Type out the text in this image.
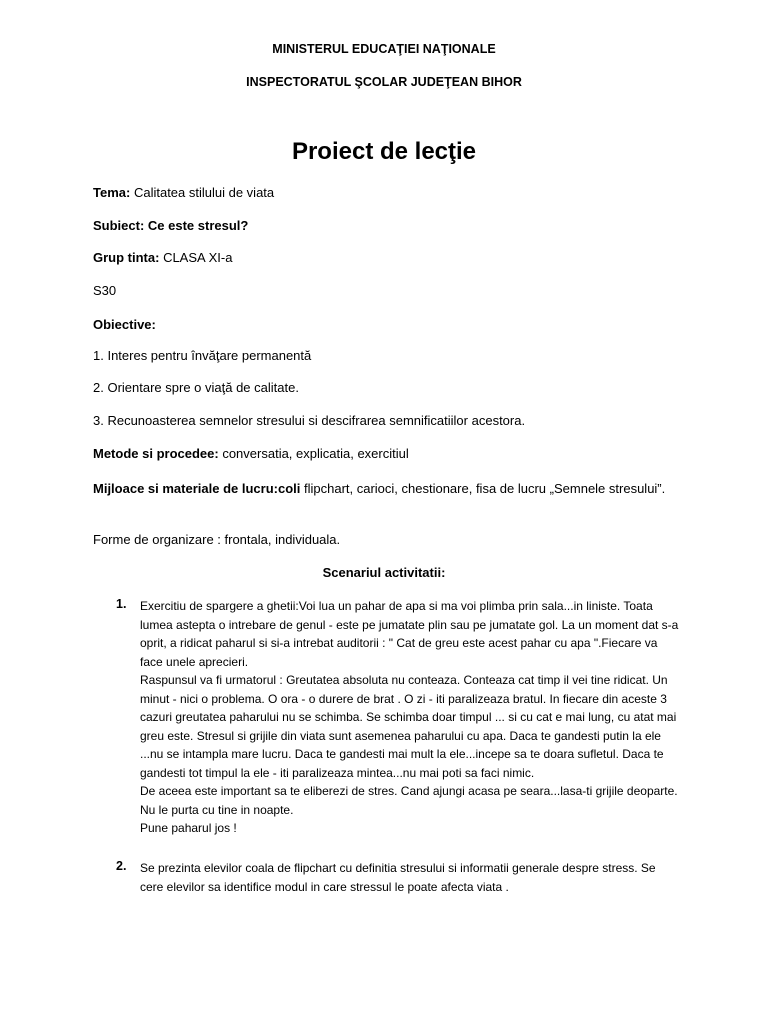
MINISTERUL EDUCAŢIEI NAŢIONALE
INSPECTORATUL ŞCOLAR JUDEŢEAN BIHOR
Proiect de lecţie
Tema: Calitatea stilului de viata
Subiect: Ce este stresul?
Grup tinta: CLASA XI-a
S30
Obiective:
1. Interes pentru învăţare permanentă
2. Orientare spre o viaţă de calitate.
3. Recunoasterea semnelor stresului si descifrarea semnificatiilor acestora.
Metode si procedee: conversatia, explicatia, exercitiul
Mijloace si materiale de lucru:coli flipchart, carioci, chestionare, fisa de lucru „Semnele stresului”.
Forme de organizare : frontala, individuala.
Scenariul activitatii:
1. Exercitiu de spargere a ghetii:Voi lua un pahar de apa si ma voi plimba prin sala...in liniste. Toata lumea astepta o intrebare de genul - este pe jumatate plin sau pe jumatate gol. La un moment dat s-a oprit, a ridicat paharul si si-a intrebat auditorii : " Cat de greu este acest pahar cu apa ".Fiecare va face unele aprecieri.

Raspunsul va fi urmatorul : Greutatea absoluta nu conteaza. Conteaza cat timp il vei tine ridicat. Un minut - nici o problema. O ora - o durere de brat . O zi - iti paralizeaza bratul. In fiecare din aceste 3 cazuri greutatea paharului nu se schimba. Se schimba doar timpul ... si cu cat e mai lung, cu atat mai greu este. Stresul si grijile din viata sunt asemenea paharului cu apa. Daca te gandesti putin la ele ...nu se intampla mare lucru. Daca te gandesti mai mult la ele...incepe sa te doara sufletul. Daca te gandesti tot timpul la ele - iti paralizeaza mintea...nu mai poti sa faci nimic.

De aceea este important sa te eliberezi de stres. Cand ajungi acasa pe seara...lasa-ti grijile deoparte. Nu le purta cu tine in noapte.

Pune paharul jos !

2. Se prezinta elevilor coala de flipchart cu definitia stresului si informatii generale despre stress. Se cere elevilor sa identifice modul in care stressul le poate afecta viata .
